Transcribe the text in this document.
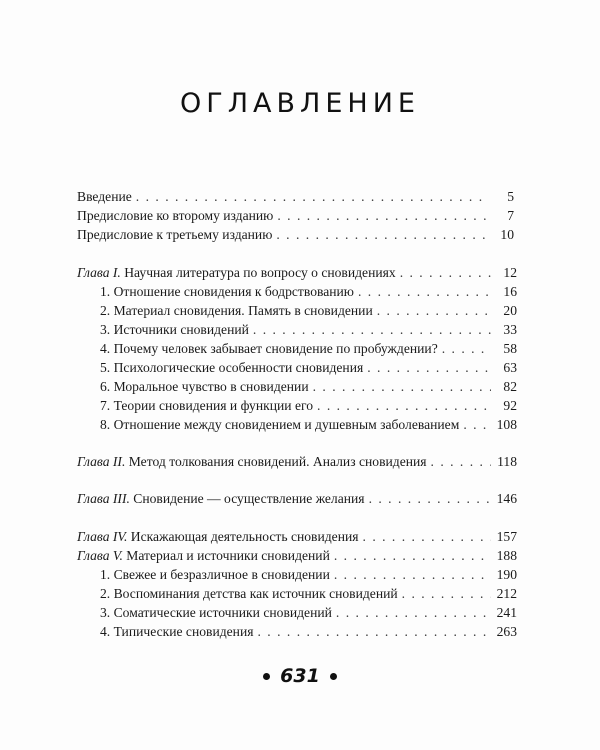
ОГЛАВЛЕНИЕ
Введение . . .	5
Предисловие ко второму изданию . . .	7
Предисловие к третьему изданию . . .	10
Глава I. Научная литература по вопросу о сновидениях . . .	12
1. Отношение сновидения к бодрствованию . . .	16
2. Материал сновидения. Память в сновидении . . .	20
3. Источники сновидений . . .	33
4. Почему человек забывает сновидение по пробуждении? . . .	58
5. Психологические особенности сновидения . . .	63
6. Моральное чувство в сновидении . . .	82
7. Теории сновидения и функции его . . .	92
8. Отношение между сновидением и душевным заболеванием . . .	108
Глава II. Метод толкования сновидений. Анализ сновидения . . .	118
Глава III. Сновидение — осуществление желания . . .	146
Глава IV. Искажающая деятельность сновидения . . .	157
Глава V. Материал и источники сновидений . . .	188
1. Свежее и безразличное в сновидении . . .	190
2. Воспоминания детства как источник сновидений . . .	212
3. Соматические источники сновидений . . .	241
4. Типические сновидения . . .	263
631
